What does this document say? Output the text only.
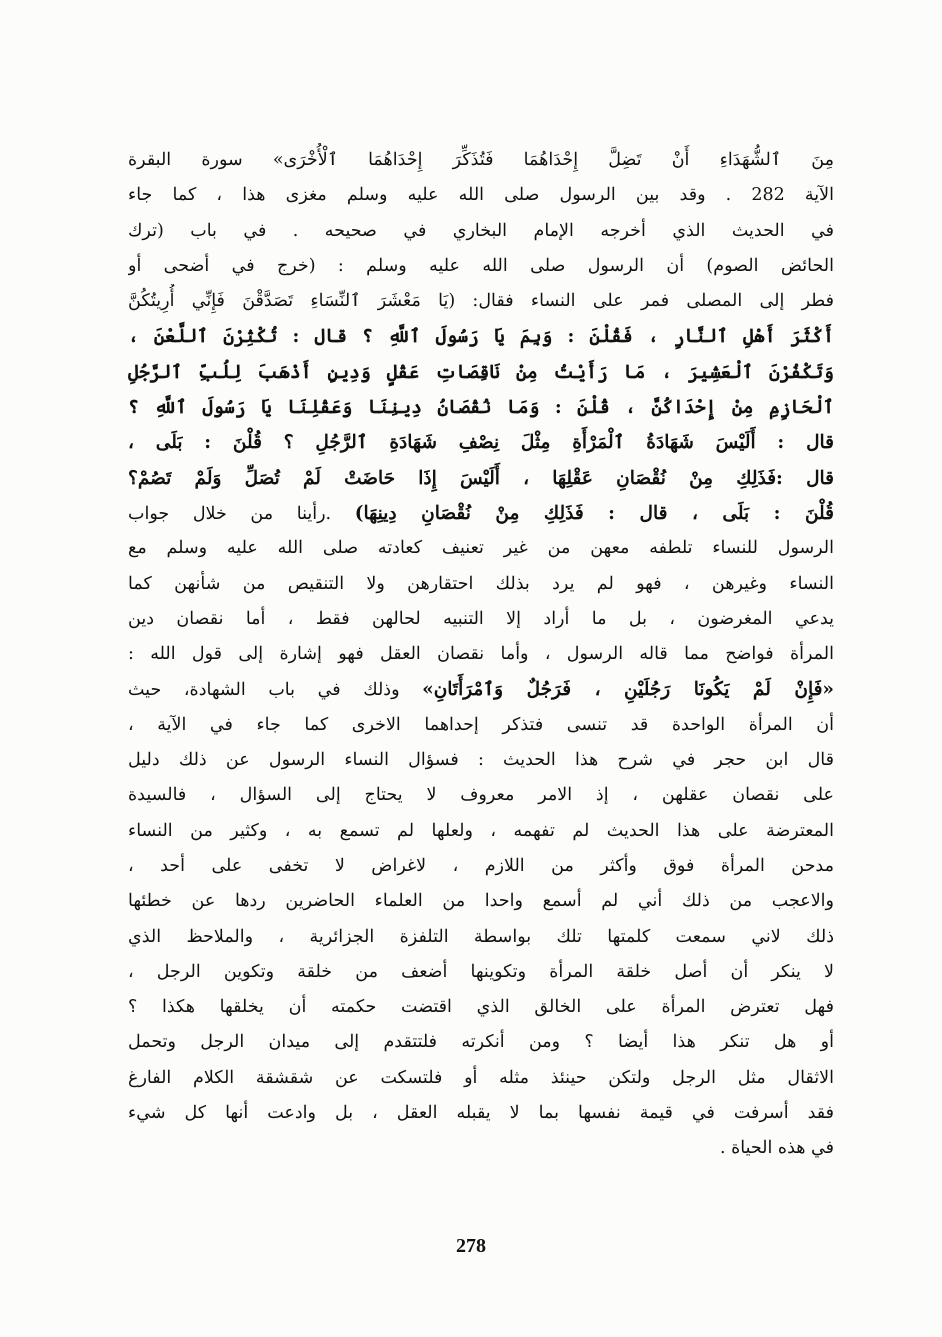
مِنَ ٱلشُّهَدَاءِ أَنْ تَضِلَّ إِحْدَاهُمَا فَتُذَكِّرَ إِحْدَاهُمَا ٱلْأُخْرَى» سورة البقرة
الآية 282 . وقد بين الرسول صلى الله عليه وسلم مغزى هذا ، كما جاء
في الحديث الذي أخرجه الإمام البخاري في صحيحه . في باب (ترك
الحائض الصوم) أن الرسول صلى الله عليه وسلم : (خرج في أضحى أو
فطر إلى المصلى فمر على النساء فقال: (يَا مَعْشَرَ ٱلنِّسَاءِ تَصَدَّقْنَ فَإِنِّي أُرِيتُكُنَّ
أَكْثَرَ أَهْلِ ٱلنَّارِ ، فَقُلْنَ : وَبِمَ يَا رَسُولَ ٱللَّهِ ؟ قال : تُكْثِرْنَ ٱللَّعْنَ ،
وَتَكْفُرْنَ ٱلْعَشِيرَ ، مَا رَأَيْتُ مِنْ نَاقِصَاتِ عَقْلٍ وَدِينٍ أَذْهَبَ لِلُبِّ ٱلرَّجُلِ
ٱلْحَازِمِ مِنْ إِحْدَاكُنَّ ، قُلْنَ : وَمَا نُقْصَانُ دِينِنَا وَعَقْلِنَا يَا رَسُولَ ٱللَّهِ ؟
قال : أَلَيْسَ شَهَادَةُ ٱلْمَرْأَةِ مِثْلَ نِصْفِ شَهَادَةِ ٱلرَّجُلِ ؟ قُلْنَ : بَلَى ،
قال :فَذَلِكِ مِنْ نُقْصَانِ عَقْلِهَا ، أَلَيْسَ إِذَا حَاضَتْ لَمْ تُصَلِّ وَلَمْ تَصُمْ؟
قُلْنَ : بَلَى ، قال : فَذَلِكِ مِنْ نُقْصَانِ دِينِهَا) .رأينا من خلال جواب
الرسول للنساء تلطفه معهن من غير تعنيف كعادته صلى الله عليه وسلم مع
النساء وغيرهن ، فهو لم يرد بذلك احتقارهن ولا التنقيص من شأنهن كما
يدعي المغرضون ، بل ما أراد إلا التنبيه لحالهن فقط ، أما نقصان دين
المرأة فواضح مما قاله الرسول ، وأما نقصان العقل فهو إشارة إلى قول الله :
«فَإِنْ لَمْ يَكُونَا رَجُلَيْنِ ، فَرَجُلٌ وَٱمْرَأَتَانِ» وذلك في باب الشهادة، حيث
أن المرأة الواحدة قد تنسى فتذكر إحداهما الاخرى كما جاء في الآية ،
قال ابن حجر في شرح هذا الحديث : فسؤال النساء الرسول عن ذلك دليل
على نقصان عقلهن ، إذ الامر معروف لا يحتاج إلى السؤال ، فالسيدة
المعترضة على هذا الحديث لم تفهمه ، ولعلها لم تسمع به ، وكثير من النساء
مدحن المرأة فوق وأكثر من اللازم ، لاغراض لا تخفى على أحد ،
والاعجب من ذلك أني لم أسمع واحدا من العلماء الحاضرين ردها عن خطئها
ذلك لاني سمعت كلمتها تلك بواسطة التلفزة الجزائرية ، والملاحظ الذي
لا ينكر أن أصل خلقة المرأة وتكوينها أضعف من خلقة وتكوين الرجل ،
فهل تعترض المرأة على الخالق الذي اقتضت حكمته أن يخلقها هكذا ؟
أو هل تنكر هذا أيضا ؟ ومن أنكرته فلتتقدم إلى ميدان الرجل وتحمل
الاثقال مثل الرجل ولتكن حينئذ مثله أو فلتسكت عن شقشقة الكلام الفارغ
فقد أسرفت في قيمة نفسها بما لا يقبله العقل ، بل وادعت أنها كل شيء
في هذه الحياة .
278
